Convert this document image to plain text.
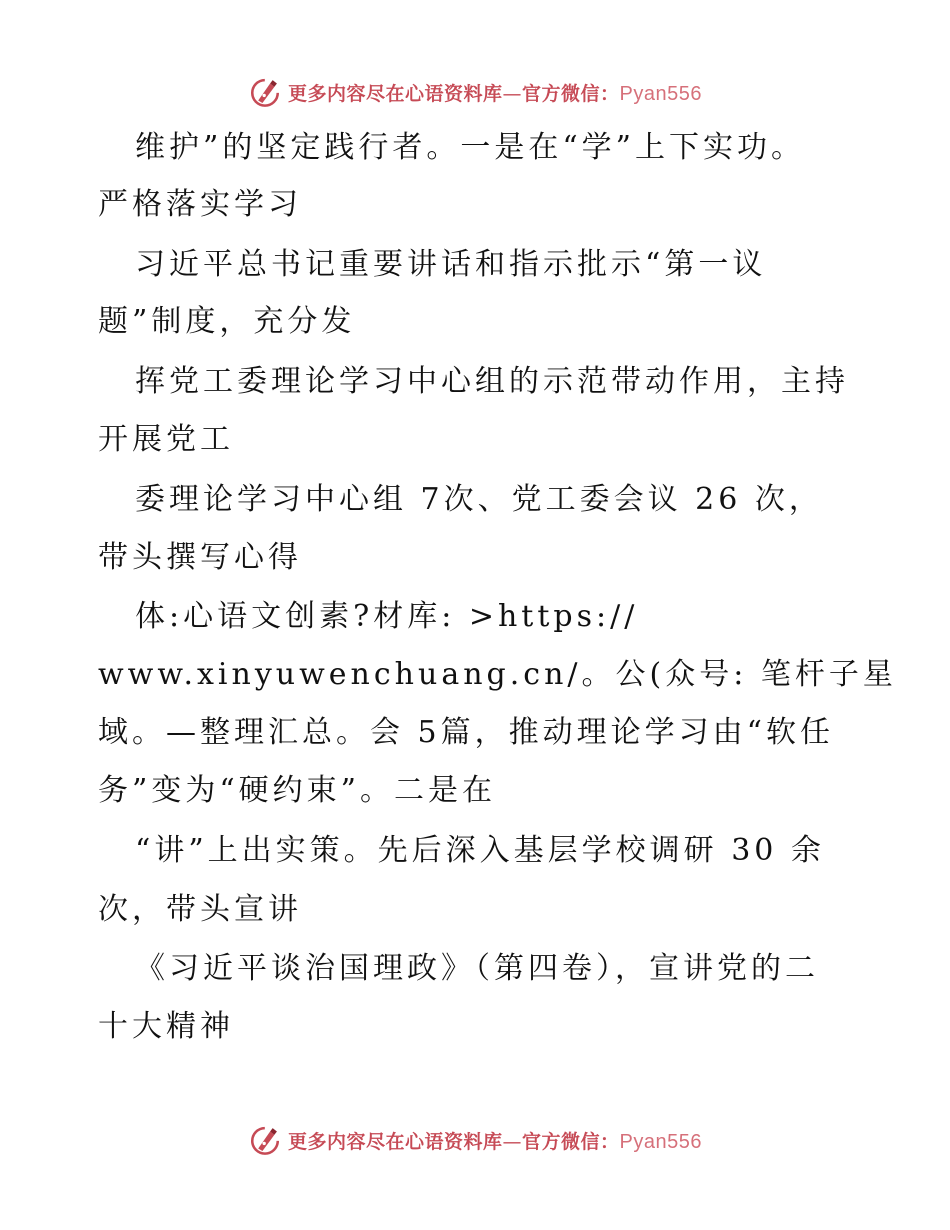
更多内容尽在心语资料库—官方微信：Pyan556
维护”的坚定践行者。一是在“学”上下实功。
严格落实学习
习近平总书记重要讲话和指示批示“第一议
题”制度，充分发
挥党工委理论学习中心组的示范带动作用，主持
开展党工
委理论学习中心组 7次、党工委会议 26 次，
带头撰写心得
体:心语文创素?材库: >https://
www.xinyuwenchuang.cn/。公(众号: 笔杆子星
域。—整理汇总。会 5篇，推动理论学习由“软任
务”变为“硬约束”。二是在
“讲”上出实策。先后深入基层学校调研 30 余
次，带头宣讲
《习近平谈治国理政》（第四卷），宣讲党的二
十大精神
更多内容尽在心语资料库—官方微信：Pyan556
